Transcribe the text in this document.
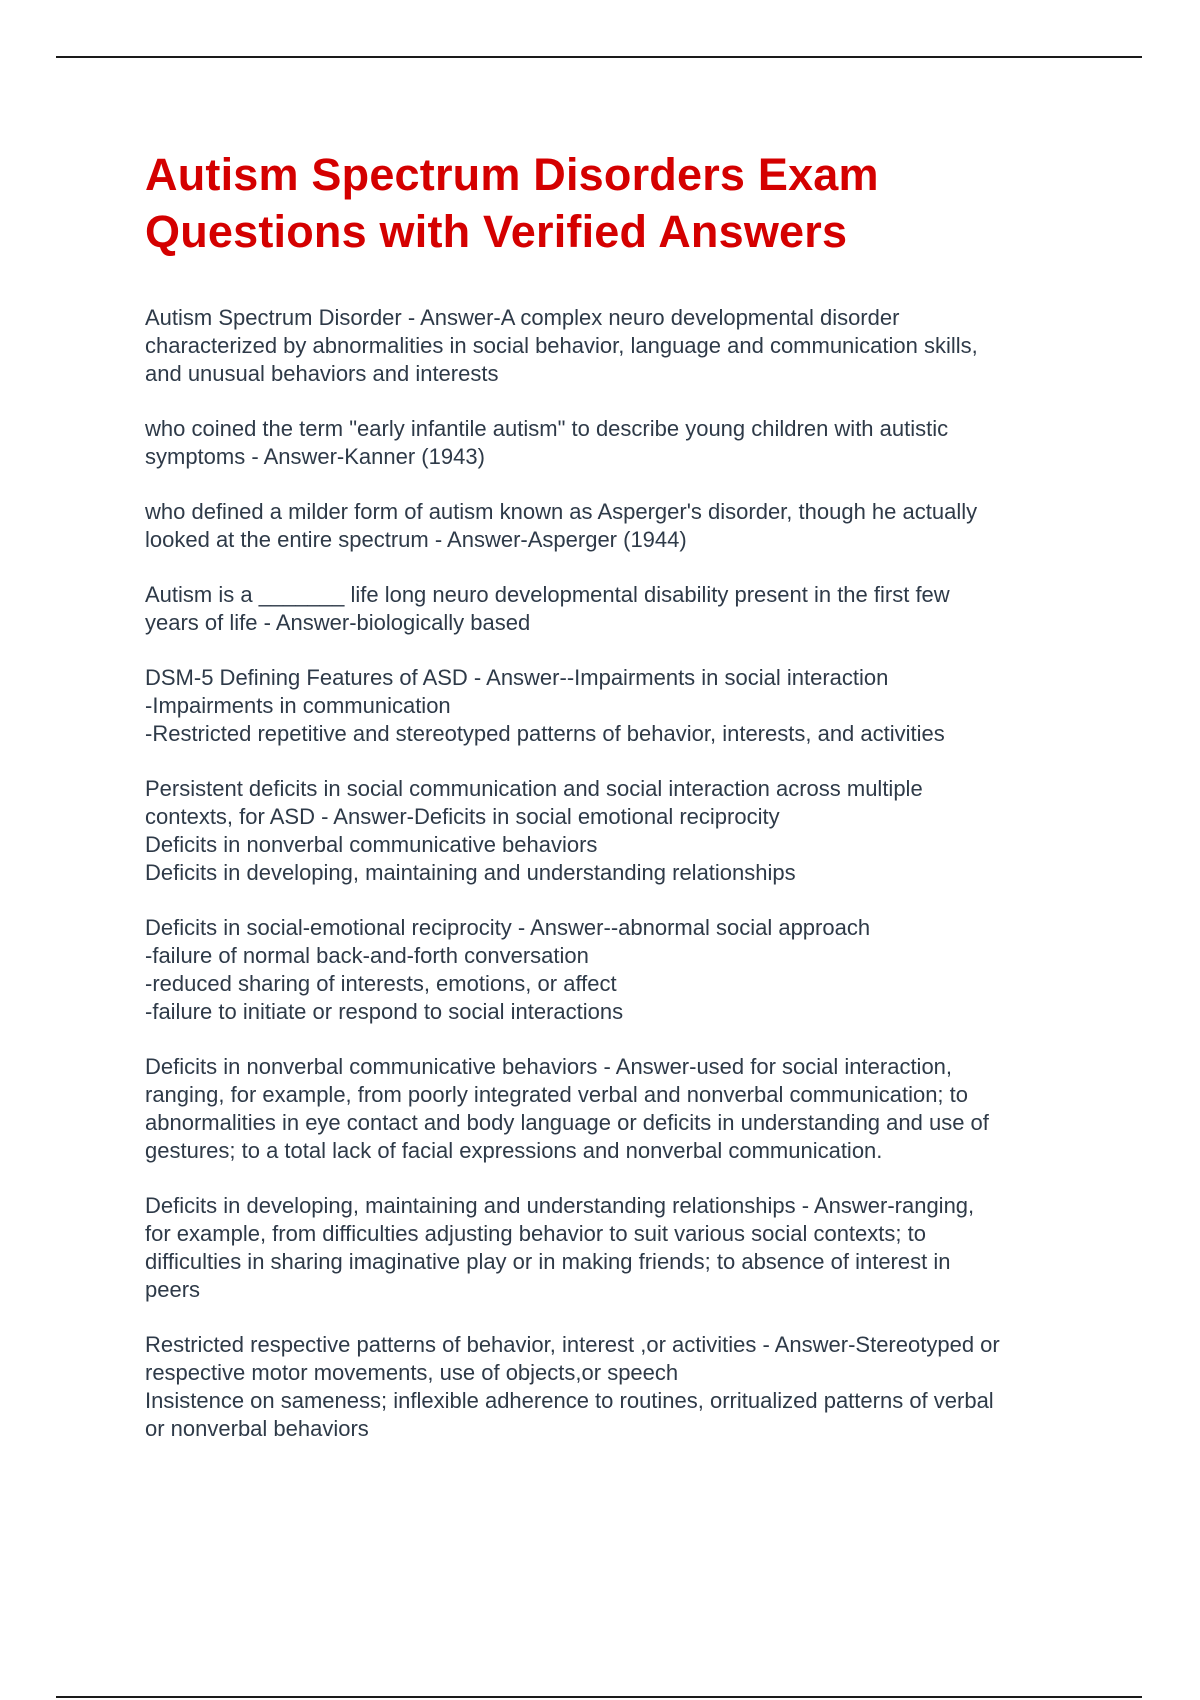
Autism Spectrum Disorders Exam
Questions with Verified Answers
Autism Spectrum Disorder - Answer-A complex neuro developmental disorder
characterized by abnormalities in social behavior, language and communication skills,
and unusual behaviors and interests
who coined the term "early infantile autism" to describe young children with autistic
symptoms - Answer-Kanner (1943)
who defined a milder form of autism known as Asperger's disorder, though he actually
looked at the entire spectrum - Answer-Asperger (1944)
Autism is a _______ life long neuro developmental disability present in the first few
years of life - Answer-biologically based
DSM-5 Defining Features of ASD - Answer--Impairments in social interaction
-Impairments in communication
-Restricted repetitive and stereotyped patterns of behavior, interests, and activities
Persistent deficits in social communication and social interaction across multiple
contexts, for ASD - Answer-Deficits in social emotional reciprocity
Deficits in nonverbal communicative behaviors
Deficits in developing, maintaining and understanding relationships
Deficits in social-emotional reciprocity - Answer--abnormal social approach
-failure of normal back-and-forth conversation
-reduced sharing of interests, emotions, or affect
-failure to initiate or respond to social interactions
Deficits in nonverbal communicative behaviors - Answer-used for social interaction,
ranging, for example, from poorly integrated verbal and nonverbal communication; to
abnormalities in eye contact and body language or deficits in understanding and use of
gestures; to a total lack of facial expressions and nonverbal communication.
Deficits in developing, maintaining and understanding relationships - Answer-ranging,
for example, from difficulties adjusting behavior to suit various social contexts; to
difficulties in sharing imaginative play or in making friends; to absence of interest in
peers
Restricted respective patterns of behavior, interest ,or activities - Answer-Stereotyped or
respective motor movements, use of objects,or speech
Insistence on sameness; inflexible adherence to routines, orritualized patterns of verbal
or nonverbal behaviors
